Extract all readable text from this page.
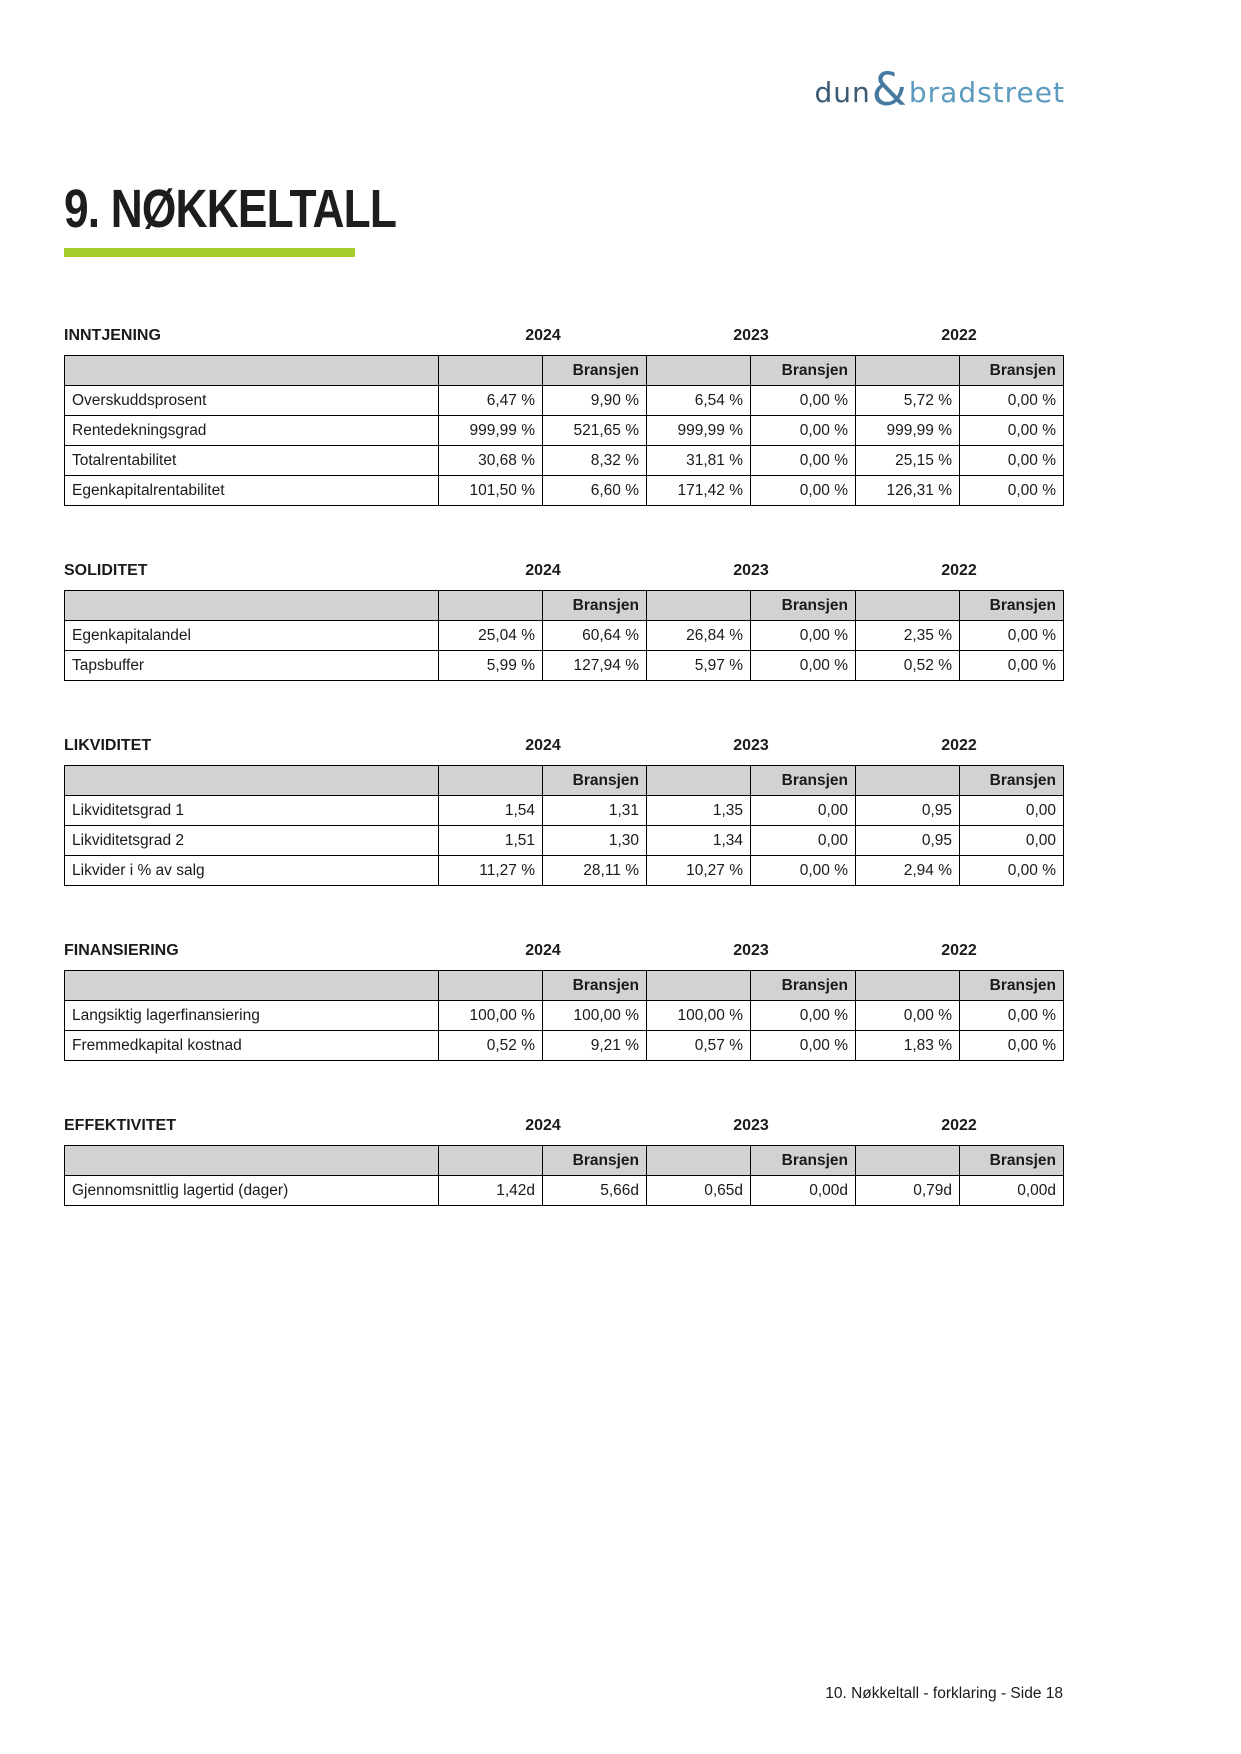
dun & bradstreet
9. NØKKELTALL
INNTJENING	2024	2023	2022
		Bransjen		Bransjen		Bransjen
Overskuddsprosent	6,47 %	9,90 %	6,54 %	0,00 %	5,72 %	0,00 %
Rentedekningsgrad	999,99 %	521,65 %	999,99 %	0,00 %	999,99 %	0,00 %
Totalrentabilitet	30,68 %	8,32 %	31,81 %	0,00 %	25,15 %	0,00 %
Egenkapitalrentabilitet	101,50 %	6,60 %	171,42 %	0,00 %	126,31 %	0,00 %
SOLIDITET	2024	2023	2022
		Bransjen		Bransjen		Bransjen
Egenkapitalandel	25,04 %	60,64 %	26,84 %	0,00 %	2,35 %	0,00 %
Tapsbuffer	5,99 %	127,94 %	5,97 %	0,00 %	0,52 %	0,00 %
LIKVIDITET	2024	2023	2022
		Bransjen		Bransjen		Bransjen
Likviditetsgrad 1	1,54	1,31	1,35	0,00	0,95	0,00
Likviditetsgrad 2	1,51	1,30	1,34	0,00	0,95	0,00
Likvider i % av salg	11,27 %	28,11 %	10,27 %	0,00 %	2,94 %	0,00 %
FINANSIERING	2024	2023	2022
		Bransjen		Bransjen		Bransjen
Langsiktig lagerfinansiering	100,00 %	100,00 %	100,00 %	0,00 %	0,00 %	0,00 %
Fremmedkapital kostnad	0,52 %	9,21 %	0,57 %	0,00 %	1,83 %	0,00 %
EFFEKTIVITET	2024	2023	2022
		Bransjen		Bransjen		Bransjen
Gjennomsnittlig lagertid (dager)	1,42d	5,66d	0,65d	0,00d	0,79d	0,00d
10. Nøkkeltall - forklaring - Side 18
